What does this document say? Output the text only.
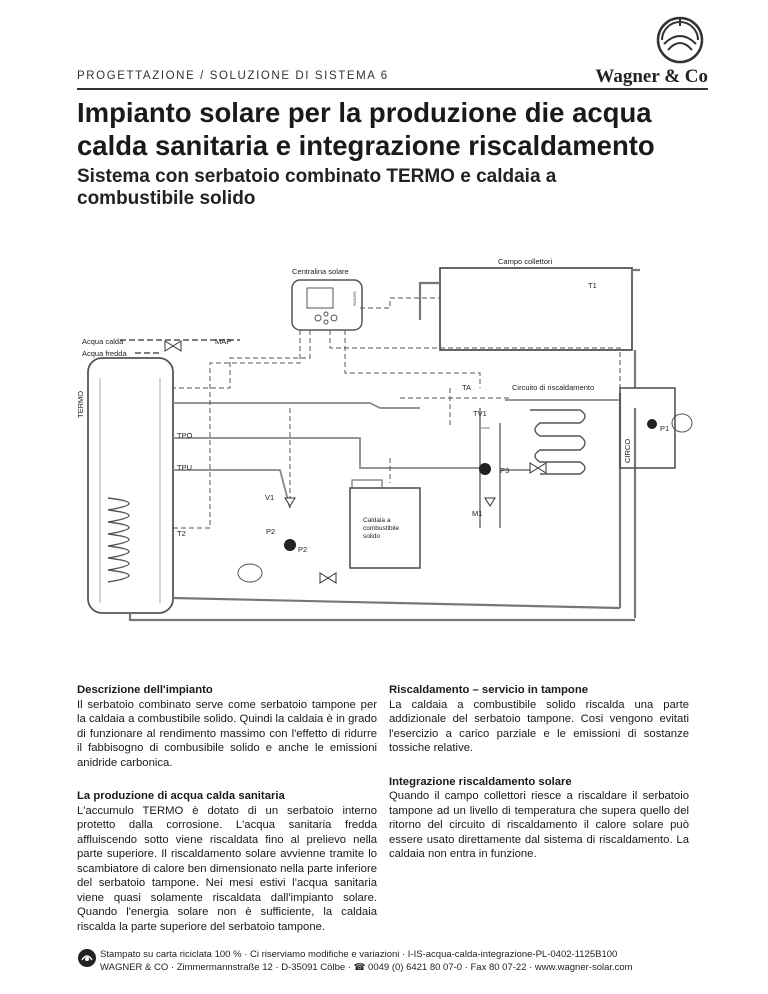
PROGETTAZIONE / SOLUZIONE DI SISTEMA 6	Wagner & Co
Impianto solare per la produzione die acqua calda sanitaria e integrazione riscaldamento
Sistema con serbatoio combinato TERMO e caldaia a combustibile solido
Campo collettori
Centralina solare
SUNGO
T1
Acqua calda
Acqua fredda
MAP
TERMO
TA	Circuito di riscaldamento
TV1
TPO
TPU	P3
P1
CIRCO
V1
M1
Caldaia a
combustibile
solido
T2	P2
P2
Descrizione dell'impianto

Il serbatoio combinato serve come serbatoio tampone per la caldaia a combustibile solido. Quindi la caldaia è in grado di funzionare al rendimento massimo con l'effetto di ridurre il fabbisogno di combusibile solido e anche le emissioni anidride carbonica.

La produzione di acqua calda sanitaria

L'accumulo TERMO è dotato di un serbatoio interno protetto dalla corrosione. L'acqua sanitaria fredda affluiscendo sotto viene riscaldata fino al prelievo nella parte superiore. Il riscaldamento solare avvienne tramite lo scambiatore di calore ben dimensionato nella parte inferiore del serbatoio tampone. Nei mesi estivi l'acqua sanitaria viene quasi solamente riscaldata dall'impianto solare. Quando l'energia solare non è sufficiente, la caldaia riscalda la parte superiore del serbatoio tampone.

Riscaldamento – servicio in tampone

La caldaia a combustibile solido riscalda una parte addizionale del serbatoio tampone. Cosi vengono evitati l'esercizio a carico parziale e le emissioni di sostanze tossiche relative.

Integrazione riscaldamento solare

Quando il campo collettori riesce a riscaldare il serbatoio tampone ad un livello di temperatura che supera quello del ritorno del circuito di riscaldamento il calore solare può essere usato direttamente dal sistema di riscaldamento. La caldaia non entra in funzione.

Stampato su carta riciclata 100 % · Ci riserviamo modifiche e variazioni · I-IS-acqua-calda-integrazione-PL-0402-1125B100
WAGNER & CO · Zimmermannstraße 12 · D-35091 Cölbe · ☎ 0049 (0) 6421 80 07-0 · Fax 80 07-22 · www.wagner-solar.com
